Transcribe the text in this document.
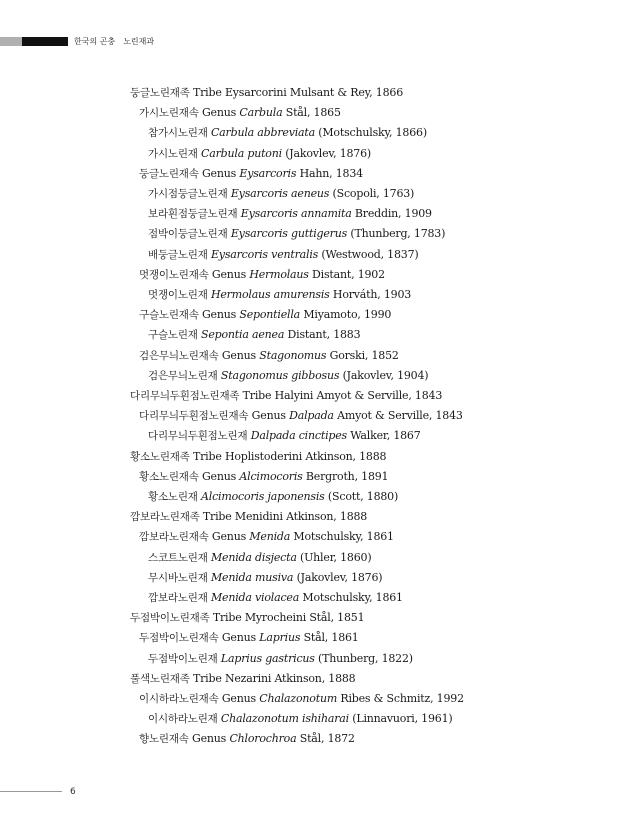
한국의 곤충 노린재과
둥글노린재족 Tribe Eysarcorini Mulsant & Rey, 1866
가시노린재속 Genus Carbula Stål, 1865
참가시노린재 Carbula abbreviata (Motschulsky, 1866)
가시노린재 Carbula putoni (Jakovlev, 1876)
둥글노린재속 Genus Eysarcoris Hahn, 1834
가시점둥글노린재 Eysarcoris aeneus (Scopoli, 1763)
보라흰점둥글노린재 Eysarcoris annamita Breddin, 1909
점박이둥글노린재 Eysarcoris guttigerus (Thunberg, 1783)
배둥글노린재 Eysarcoris ventralis (Westwood, 1837)
멋쟁이노린재속 Genus Hermolaus Distant, 1902
멋쟁이노린재 Hermolaus amurensis Horváth, 1903
구슬노린재속 Genus Sepontiella Miyamoto, 1990
구슬노린재 Sepontia aenea Distant, 1883
검은무늬노린재속 Genus Stagonomus Gorski, 1852
검은무늬노린재 Stagonomus gibbosus (Jakovlev, 1904)
다리무늬두흰점노린재족 Tribe Halyini Amyot & Serville, 1843
다리무늬두흰점노린재속 Genus Dalpada Amyot & Serville, 1843
다리무늬두흰점노린재 Dalpada cinctipes Walker, 1867
황소노린재족 Tribe Hoplistoderini Atkinson, 1888
황소노린재속 Genus Alcimocoris Bergroth, 1891
황소노린재 Alcimocoris japonensis (Scott, 1880)
깜보라노린재족 Tribe Menidini Atkinson, 1888
깜보라노린재속 Genus Menida Motschulsky, 1861
스코트노린재 Menida disjecta (Uhler, 1860)
무시바노린재 Menida musiva (Jakovlev, 1876)
깜보라노린재 Menida violacea Motschulsky, 1861
두점박이노린재족 Tribe Myrocheini Stål, 1851
두점박이노린재속 Genus Laprius Stål, 1861
두점박이노린재 Laprius gastricus (Thunberg, 1822)
풀색노린재족 Tribe Nezarini Atkinson, 1888
이시하라노린재속 Genus Chalazonotum Ribes & Schmitz, 1992
이시하라노린재 Chalazonotum ishiharai (Linnavuori, 1961)
향노린재속 Genus Chlorochroa Stål, 1872
6
